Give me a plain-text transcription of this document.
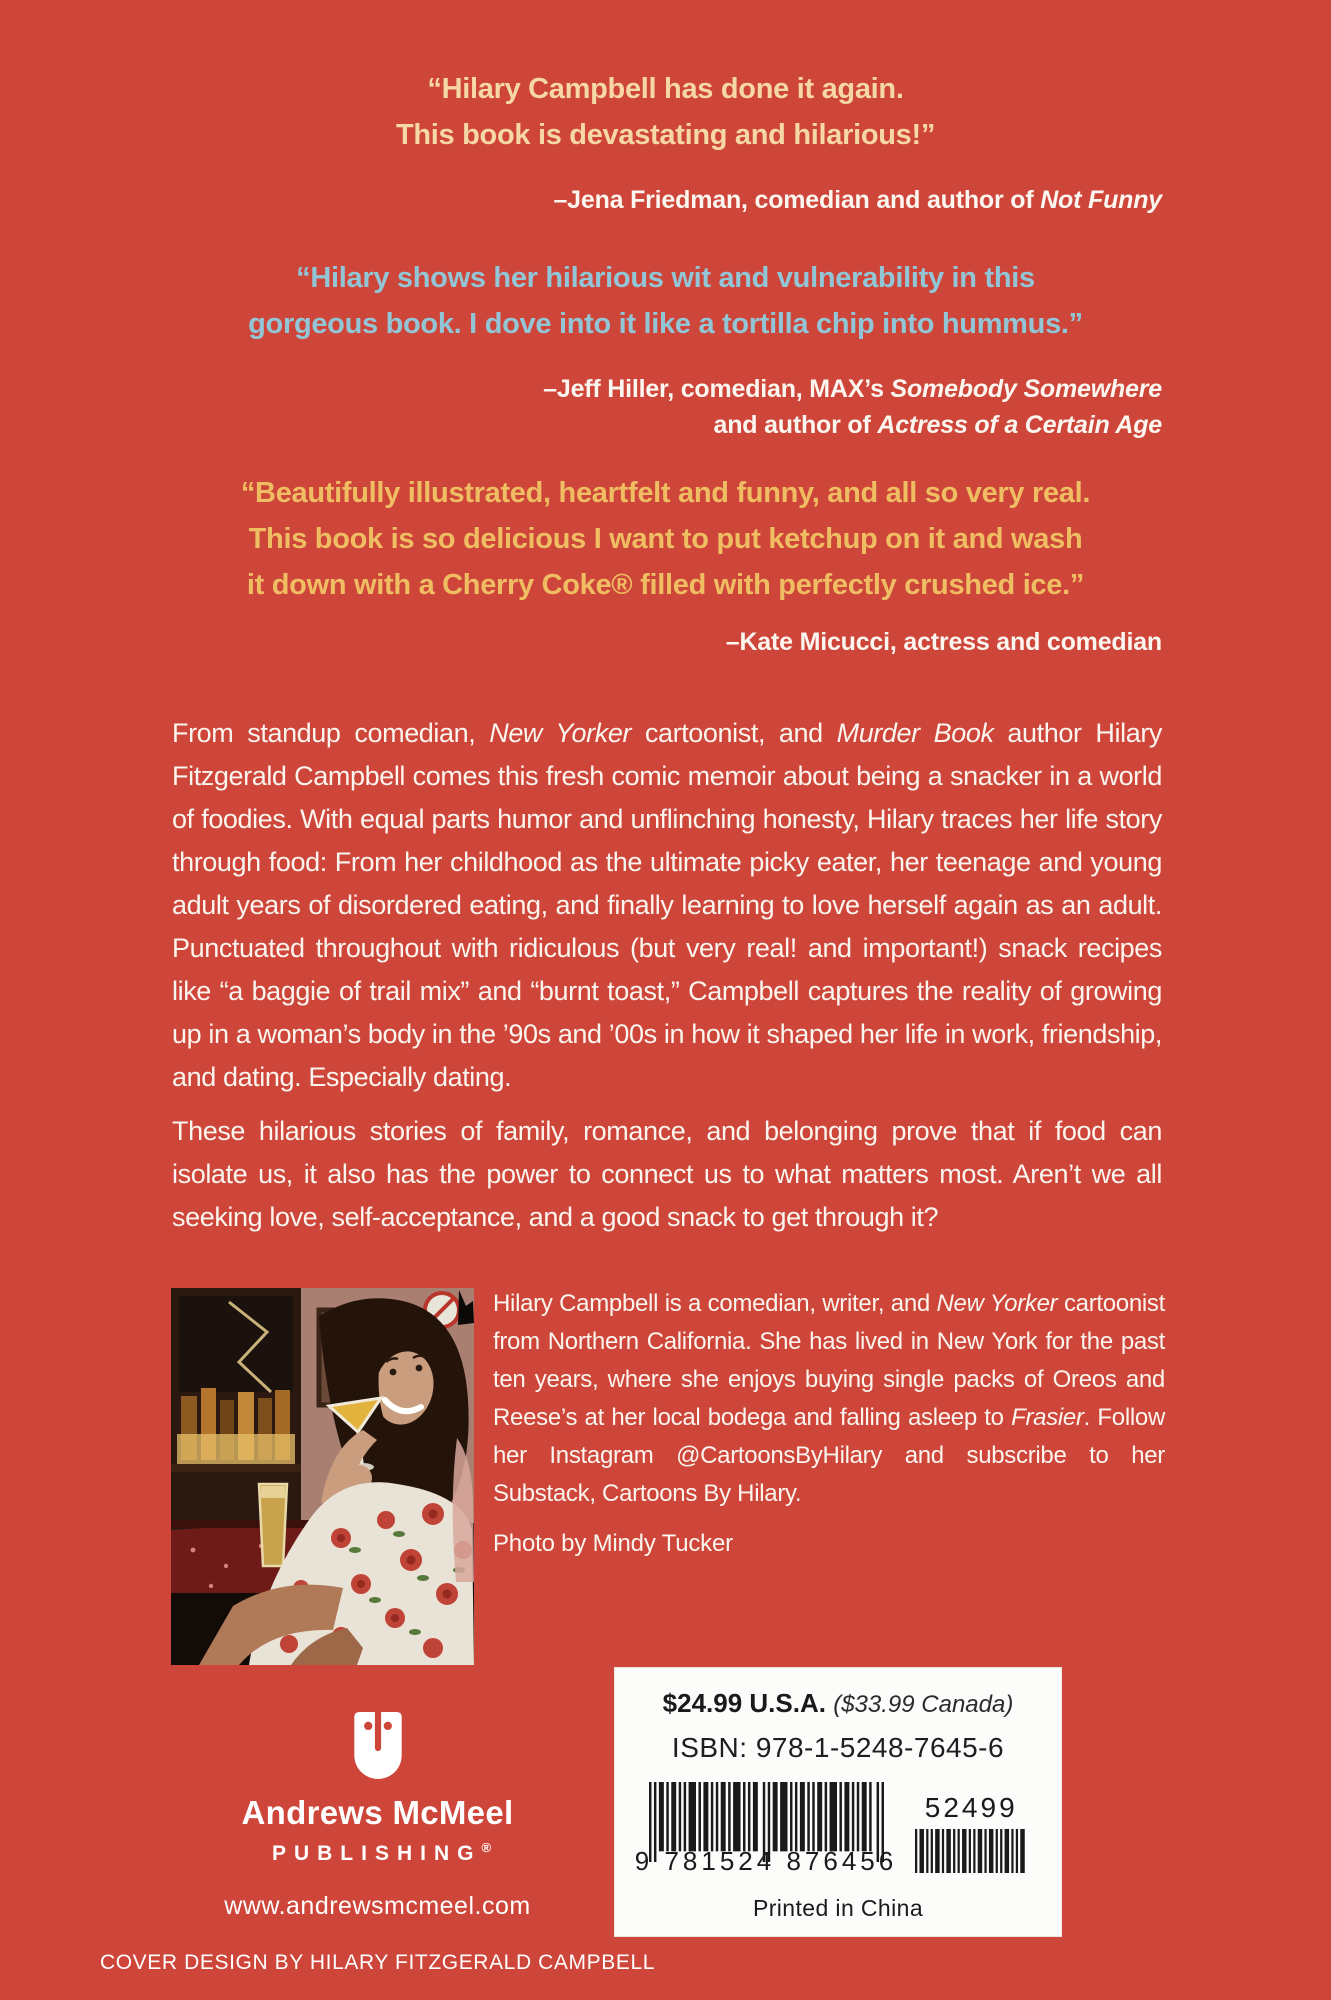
“Hilary Campbell has done it again.
This book is devastating and hilarious!”
–Jena Friedman, comedian and author of Not Funny
“Hilary shows her hilarious wit and vulnerability in this
gorgeous book. I dove into it like a tortilla chip into hummus.”
–Jeff Hiller, comedian, MAX’s Somebody Somewhere
and author of Actress of a Certain Age
“Beautifully illustrated, heartfelt and funny, and all so very real.
This book is so delicious I want to put ketchup on it and wash
it down with a Cherry Coke® filled with perfectly crushed ice.”
–Kate Micucci, actress and comedian
From standup comedian, New Yorker cartoonist, and Murder Book author Hilary Fitzgerald Campbell comes this fresh comic memoir about being a snacker in a world of foodies. With equal parts humor and unflinching honesty, Hilary traces her life story through food: From her childhood as the ultimate picky eater, her teenage and young adult years of disordered eating, and finally learning to love herself again as an adult. Punctuated throughout with ridiculous (but very real! and important!) snack recipes like “a baggie of trail mix” and “burnt toast,” Campbell captures the reality of growing up in a woman’s body in the ’90s and ’00s in how it shaped her life in work, friendship, and dating. Especially dating.
These hilarious stories of family, romance, and belonging prove that if food can isolate us, it also has the power to connect us to what matters most. Aren’t we all seeking love, self-acceptance, and a good snack to get through it?
Hilary Campbell is a comedian, writer, and New Yorker cartoonist from Northern California. She has lived in New York for the past ten years, where she enjoys buying single packs of Oreos and Reese’s at her local bodega and falling asleep to Frasier. Follow her Instagram @CartoonsByHilary and subscribe to her Substack, Cartoons By Hilary.
Photo by Mindy Tucker
Andrews McMeel
PUBLISHING®
www.andrewsmcmeel.com
COVER DESIGN BY HILARY FITZGERALD CAMPBELL
$24.99 U.S.A. ($33.99 Canada)
ISBN: 978-1-5248-7645-6
9 781524 876456
52499
Printed in China
